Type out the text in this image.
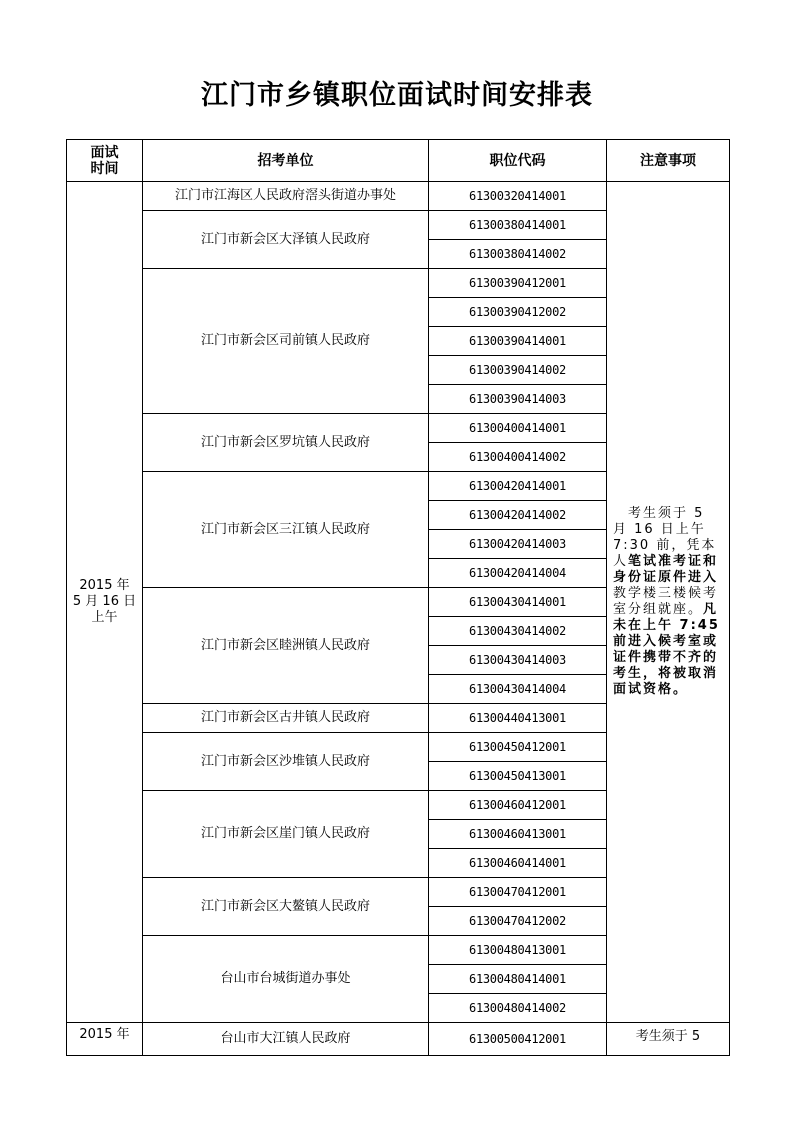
江门市乡镇职位面试时间安排表
面试
时间	招考单位	职位代码	注意事项
2015 年
5 月 16 日
上午	江门市江海区人民政府滘头街道办事处	61300320414001	　考生须于 5 月 16 日上午 7:30 前，凭本人笔试准考证和身份证原件进入教学楼三楼候考室分组就座。凡未在上午 7:45 前进入候考室或证件携带不齐的考生，将被取消面试资格。
	江门市新会区大泽镇人民政府	61300380414001	
		61300380414002	
	江门市新会区司前镇人民政府	61300390412001	
		61300390412002	
		61300390414001	
		61300390414002	
		61300390414003	
	江门市新会区罗坑镇人民政府	61300400414001	
		61300400414002	
	江门市新会区三江镇人民政府	61300420414001	
		61300420414002	
		61300420414003	
		61300420414004	
	江门市新会区睦洲镇人民政府	61300430414001	
		61300430414002	
		61300430414003	
		61300430414004	
	江门市新会区古井镇人民政府	61300440413001	
	江门市新会区沙堆镇人民政府	61300450412001	
		61300450413001	
	江门市新会区崖门镇人民政府	61300460412001	
		61300460413001	
		61300460414001	
	江门市新会区大鳌镇人民政府	61300470412001	
		61300470412002	
	台山市台城街道办事处	61300480413001	
		61300480414001	
		61300480414002	
2015 年	台山市大江镇人民政府	61300500412001	考生须于 5
